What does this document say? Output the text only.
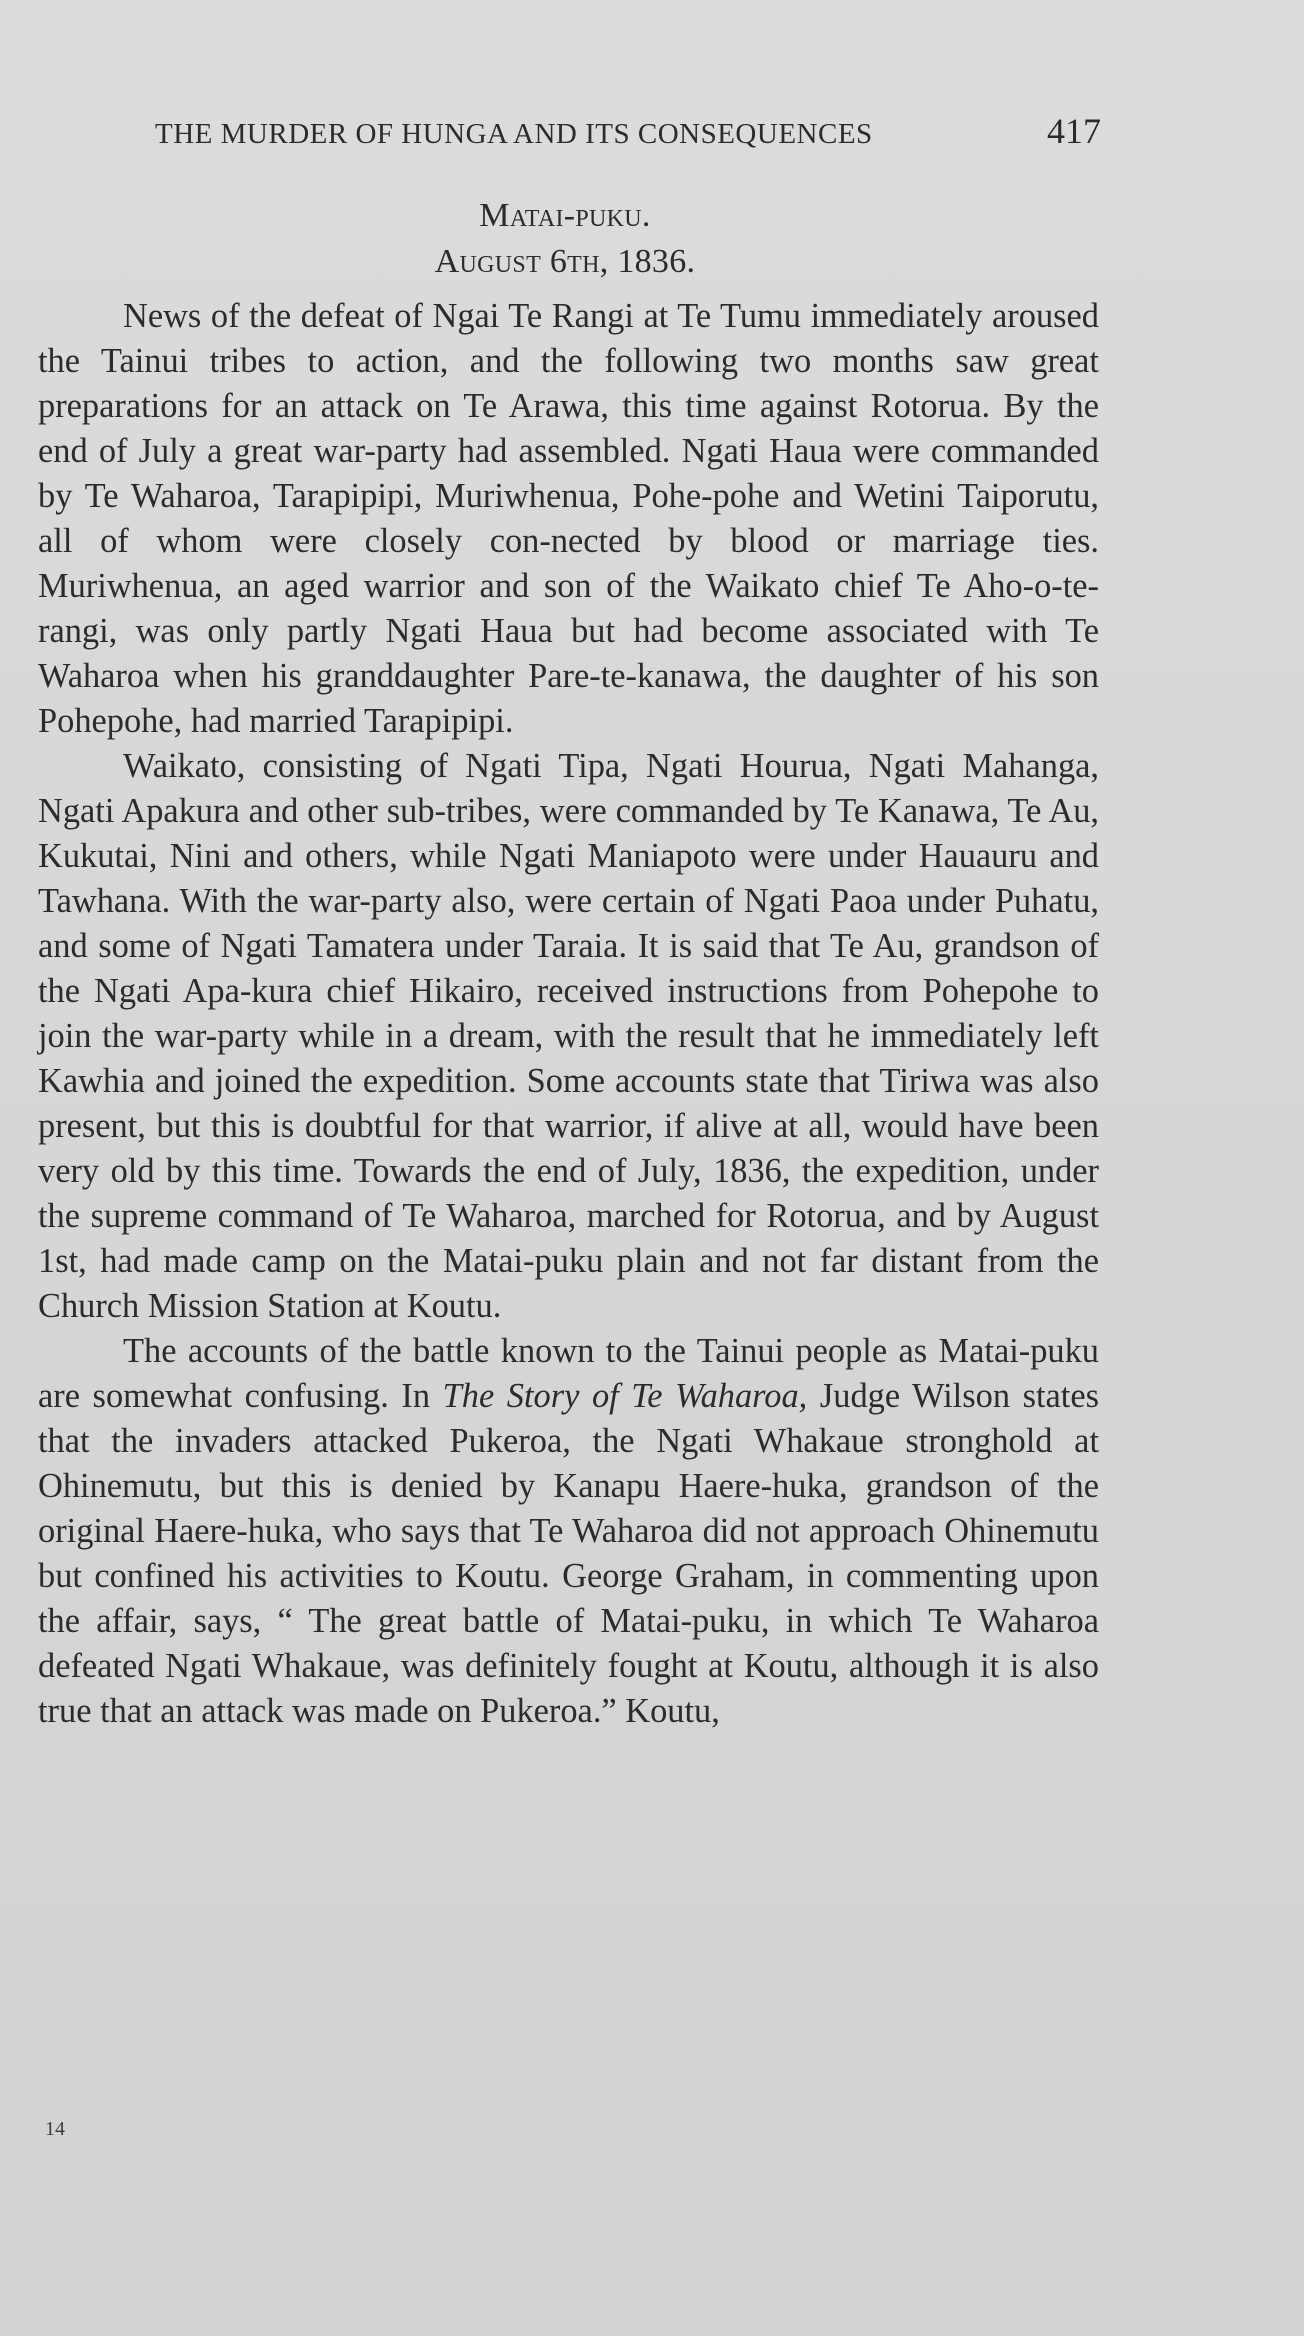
THE MURDER OF HUNGA AND ITS CONSEQUENCES	417
Matai-puku.
August 6th, 1836.

News of the defeat of Ngai Te Rangi at Te Tumu immediately aroused the Tainui tribes to action, and the following two months saw great preparations for an attack on Te Arawa, this time against Rotorua. By the end of July a great war-party had assembled. Ngati Haua were commanded by Te Waharoa, Tarapipipi, Muriwhenua, Pohe-pohe and Wetini Taiporutu, all of whom were closely con-nected by blood or marriage ties. Muriwhenua, an aged warrior and son of the Waikato chief Te Aho-o-te-rangi, was only partly Ngati Haua but had become associated with Te Waharoa when his granddaughter Pare-te-kanawa, the daughter of his son Pohepohe, had married Tarapipipi.

Waikato, consisting of Ngati Tipa, Ngati Hourua, Ngati Mahanga, Ngati Apakura and other sub-tribes, were commanded by Te Kanawa, Te Au, Kukutai, Nini and others, while Ngati Maniapoto were under Hauauru and Tawhana. With the war-party also, were certain of Ngati Paoa under Puhatu, and some of Ngati Tamatera under Taraia. It is said that Te Au, grandson of the Ngati Apa-kura chief Hikairo, received instructions from Pohepohe to join the war-party while in a dream, with the result that he immediately left Kawhia and joined the expedition. Some accounts state that Tiriwa was also present, but this is doubtful for that warrior, if alive at all, would have been very old by this time. Towards the end of July, 1836, the expedition, under the supreme command of Te Waharoa, marched for Rotorua, and by August 1st, had made camp on the Matai-puku plain and not far distant from the Church Mission Station at Koutu.

The accounts of the battle known to the Tainui people as Matai-puku are somewhat confusing. In The Story of Te Waharoa, Judge Wilson states that the invaders attacked Pukeroa, the Ngati Whakaue stronghold at Ohinemutu, but this is denied by Kanapu Haere-huka, grandson of the original Haere-huka, who says that Te Waharoa did not approach Ohinemutu but confined his activities to Koutu. George Graham, in commenting upon the affair, says, “ The great battle of Matai-puku, in which Te Waharoa defeated Ngati Whakaue, was definitely fought at Koutu, although it is also true that an attack was made on Pukeroa.” Koutu,

14
